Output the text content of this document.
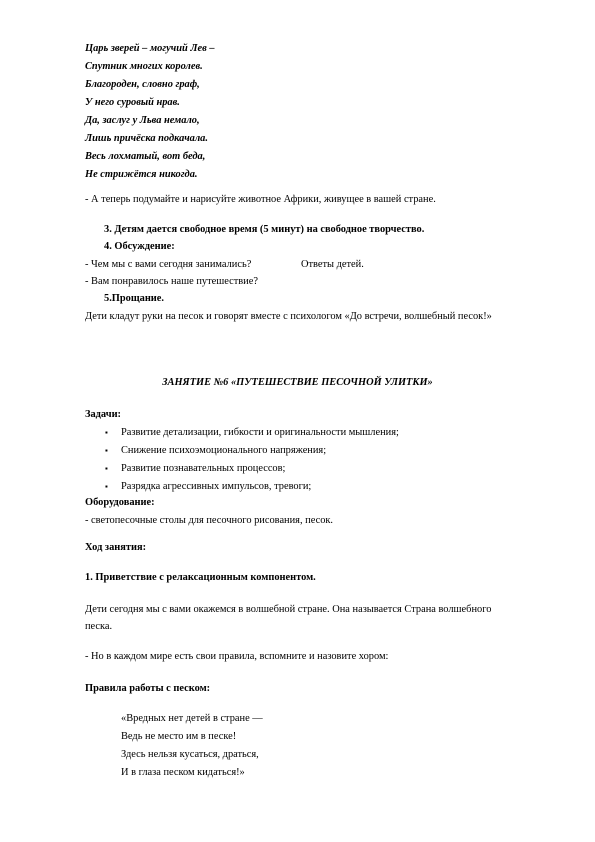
Царь зверей – могучий Лев –
Спутник многих королев.
Благороден, словно граф,
У него суровый нрав.
Да, заслуг у Льва немало,
Лишь причёска подкачала.
Весь лохматый, вот беда,
Не стрижётся никогда.
- А теперь подумайте и нарисуйте животное Африки, живущее в вашей стране.
3. Детям дается свободное время (5 минут) на свободное творчество.
4. Обсуждение:
- Чем мы с вами сегодня занимались?	Ответы детей.
- Вам понравилось наше путешествие?
5.Прощание.
Дети кладут руки на песок и говорят вместе с психологом «До встречи, волшебный песок!»
ЗАНЯТИЕ №6 «ПУТЕШЕСТВИЕ ПЕСОЧНОЙ УЛИТКИ»
Задачи:
▪ Развитие детализации, гибкости и оригинальности мышления;
▪ Снижение психоэмоционального напряжения;
▪ Развитие познавательных процессов;
▪ Разрядка агрессивных импульсов, тревоги;
Оборудование:
- светопесочные столы для песочного рисования, песок.
Ход занятия:
1. Приветствие с релаксационным компонентом.
Дети сегодня мы с вами окажемся в волшебной стране. Она называется Страна волшебного
песка.
- Но в каждом мире есть свои правила, вспомните и назовите хором:
Правила работы с песком:
«Вредных нет детей в стране —
Ведь не место им в песке!
Здесь нельзя кусаться, драться,
И в глаза песком кидаться!»
